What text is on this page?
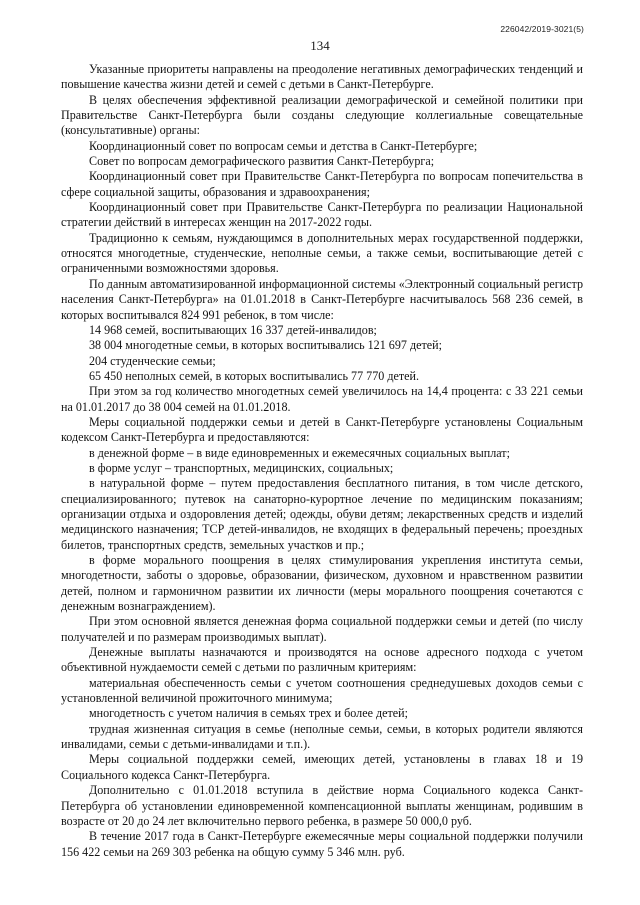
226042/2019-3021(5)
134

Указанные приоритеты направлены на преодоление негативных демографических тенденций и повышение качества жизни детей и семей с детьми в Санкт-Петербурге.

В целях обеспечения эффективной реализации демографической и семейной политики при Правительстве Санкт-Петербурга были созданы следующие коллегиальные совещательные (консультативные) органы:

Координационный совет по вопросам семьи и детства в Санкт-Петербурге;

Совет по вопросам демографического развития Санкт-Петербурга;

Координационный совет при Правительстве Санкт-Петербурга по вопросам попечительства в сфере социальной защиты, образования и здравоохранения;

Координационный совет при Правительстве Санкт-Петербурга по реализации Национальной стратегии действий в интересах женщин на 2017-2022 годы.

Традиционно к семьям, нуждающимся в дополнительных мерах государственной поддержки, относятся многодетные, студенческие, неполные семьи, а также семьи, воспитывающие детей с ограниченными возможностями здоровья.

По данным автоматизированной информационной системы «Электронный социальный регистр населения Санкт-Петербурга» на 01.01.2018 в Санкт-Петербурге насчитывалось 568 236 семей, в которых воспитывался 824 991 ребенок, в том числе:

14 968 семей, воспитывающих 16 337 детей-инвалидов;

38 004 многодетные семьи, в которых воспитывались 121 697 детей;

204 студенческие семьи;

65 450 неполных семей, в которых воспитывались 77 770 детей.

При этом за год количество многодетных семей увеличилось на 14,4 процента: с 33 221 семьи на 01.01.2017 до 38 004 семей на 01.01.2018.

Меры социальной поддержки семьи и детей в Санкт-Петербурге установлены Социальным кодексом Санкт-Петербурга и предоставляются:

в денежной форме – в виде единовременных и ежемесячных социальных выплат;

в форме услуг – транспортных, медицинских, социальных;

в натуральной форме – путем предоставления бесплатного питания, в том числе детского, специализированного; путевок на санаторно-курортное лечение по медицинским показаниям; организации отдыха и оздоровления детей; одежды, обуви детям; лекарственных средств и изделий медицинского назначения; ТСР детей-инвалидов, не входящих в федеральный перечень; проездных билетов, транспортных средств, земельных участков и пр.;

в форме морального поощрения в целях стимулирования укрепления института семьи, многодетности, заботы о здоровье, образовании, физическом, духовном и нравственном развитии детей, полном и гармоничном развитии их личности (меры морального поощрения сочетаются с денежным вознаграждением).

При этом основной является денежная форма социальной поддержки семьи и детей (по числу получателей и по размерам производимых выплат).

Денежные выплаты назначаются и производятся на основе адресного подхода с учетом объективной нуждаемости семей с детьми по различным критериям:

материальная обеспеченность семьи с учетом соотношения среднедушевых доходов семьи с установленной величиной прожиточного минимума;

многодетность с учетом наличия в семьях трех и более детей;

трудная жизненная ситуация в семье (неполные семьи, семьи, в которых родители являются инвалидами, семьи с детьми-инвалидами и т.п.).

Меры социальной поддержки семей, имеющих детей, установлены в главах 18 и 19 Социального кодекса Санкт-Петербурга.

Дополнительно с 01.01.2018 вступила в действие норма Социального кодекса Санкт-Петербурга об установлении единовременной компенсационной выплаты женщинам, родившим в возрасте от 20 до 24 лет включительно первого ребенка, в размере 50 000,0 руб.

В течение 2017 года в Санкт-Петербурге ежемесячные меры социальной поддержки получили 156 422 семьи на 269 303 ребенка на общую сумму 5 346 млн. руб.
